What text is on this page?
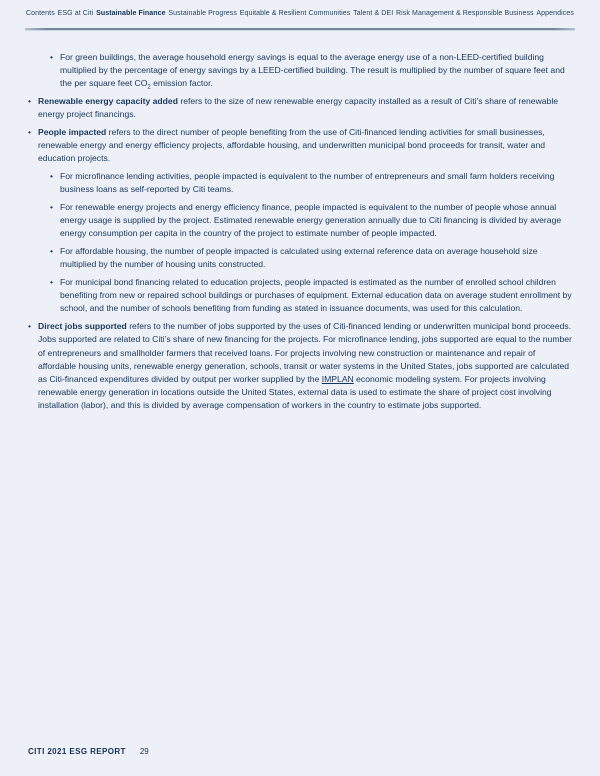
Contents ESG at Citi Sustainable Finance Sustainable Progress Equitable & Resilient Communities Talent & DEI Risk Management & Responsible Business Appendices
• For green buildings, the average household energy savings is equal to the average energy use of a non-LEED-certified building multiplied by the percentage of energy savings by a LEED-certified building. The result is multiplied by the number of square feet and the per square feet $CO_2$ emission factor.
• Renewable energy capacity added refers to the size of new renewable energy capacity installed as a result of Citi’s share of renewable energy project financings.
• People impacted refers to the direct number of people benefiting from the use of Citi-financed lending activities for small businesses, renewable energy and energy efficiency projects, affordable housing, and underwritten municipal bond proceeds for transit, water and education projects.
• For microfinance lending activities, people impacted is equivalent to the number of entrepreneurs and small farm holders receiving business loans as self-reported by Citi teams.
• For renewable energy projects and energy efficiency finance, people impacted is equivalent to the number of people whose annual energy usage is supplied by the project. Estimated renewable energy generation annually due to Citi financing is divided by average energy consumption per capita in the country of the project to estimate number of people impacted.
• For affordable housing, the number of people impacted is calculated using external reference data on average household size multiplied by the number of housing units constructed.
• For municipal bond financing related to education projects, people impacted is estimated as the number of enrolled school children benefiting from new or repaired school buildings or purchases of equipment. External education data on average student enrollment by school, and the number of schools benefiting from funding as stated in issuance documents, was used for this calculation.
• Direct jobs supported refers to the number of jobs supported by the uses of Citi-financed lending or underwritten municipal bond proceeds. Jobs supported are related to Citi’s share of new financing for the projects. For microfinance lending, jobs supported are equal to the number of entrepreneurs and smallholder farmers that received loans. For projects involving new construction or maintenance and repair of affordable housing units, renewable energy generation, schools, transit or water systems in the United States, jobs supported are calculated as Citi-financed expenditures divided by output per worker supplied by the IMPLAN economic modeling system. For projects involving renewable energy generation in locations outside the United States, external data is used to estimate the share of project cost involving installation (labor), and this is divided by average compensation of workers in the country to estimate jobs supported.
CITI 2021 ESG REPORT 29
